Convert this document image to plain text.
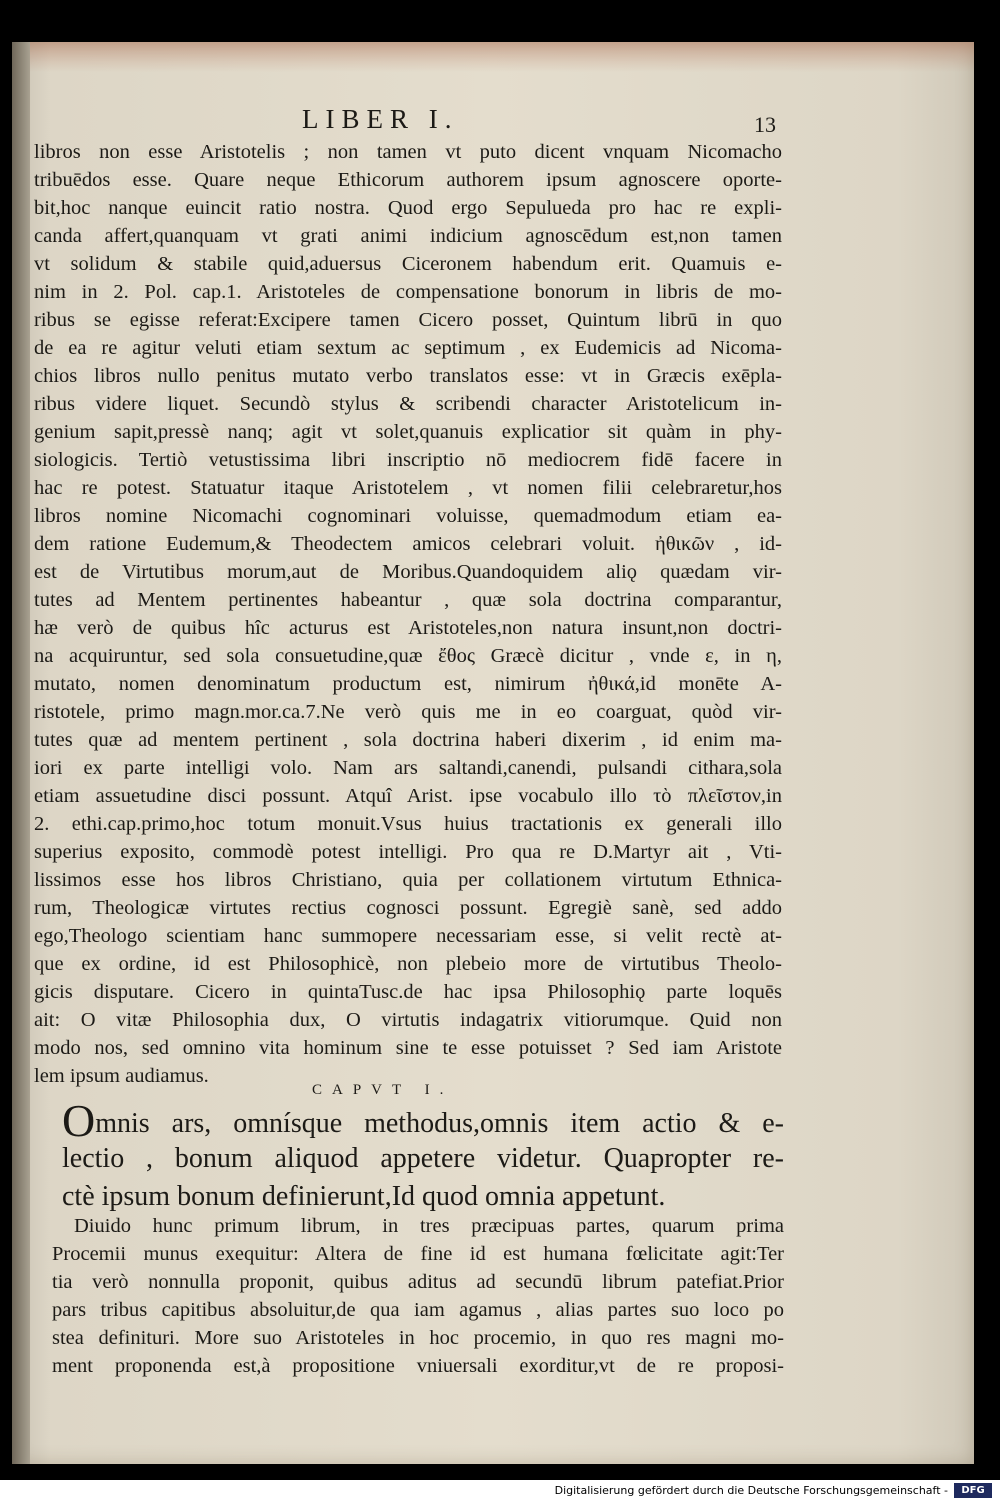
LIBER I.	13
libros non esse Aristotelis ; non tamen vt puto dicent vnquam Nicomacho
tribuēdos esse. Quare neque Ethicorum authorem ipsum agnoscere oporte-
bit,hoc nanque euincit ratio nostra. Quod ergo Sepulueda pro hac re expli-
canda affert,quanquam vt grati animi indicium agnoscēdum est,non tamen
vt solidum & stabile quid,aduersus Ciceronem habendum erit. Quamuis e-
nim in 2. Pol. cap.1. Aristoteles de compensatione bonorum in libris de mo-
ribus se egisse referat:Excipere tamen Cicero posset, Quintum librū in quo
de ea re agitur veluti etiam sextum ac septimum , ex Eudemicis ad Nicoma-
chios libros nullo penitus mutato verbo translatos esse: vt in Græcis exēpla-
ribus videre liquet. Secundò stylus & scribendi character Aristotelicum in-
genium sapit,pressè nanq; agit vt solet,quanuis explicatior sit quàm in phy-
siologicis. Tertiò vetustissima libri inscriptio nō mediocrem fidē facere in
hac re potest. Statuatur itaque Aristotelem , vt nomen filii celebraretur,hos
libros nomine Nicomachi cognominari voluisse, quemadmodum etiam ea-
dem ratione Eudemum,& Theodectem amicos celebrari voluit. ἠθικῶν , id-
est de Virtutibus morum,aut de Moribus.Quandoquidem aliǫ quædam vir-
tutes ad Mentem pertinentes habeantur , quæ sola doctrina comparantur,
hæ verò de quibus hîc acturus est Aristoteles,non natura insunt,non doctri-
na acquiruntur, sed sola consuetudine,quæ ἔθος Græcè dicitur , vnde ε, in η,
mutato, nomen denominatum productum est, nimirum ἠθικά,id monēte A-
ristotele, primo magn.mor.ca.7.Ne verò quis me in eo coarguat, quòd vir-
tutes quæ ad mentem pertinent , sola doctrina haberi dixerim , id enim ma-
iori ex parte intelligi volo. Nam ars saltandi,canendi, pulsandi cithara,sola
etiam assuetudine disci possunt. Atquî Arist. ipse vocabulo illo τὸ πλεῖστον,in
2. ethi.cap.primo,hoc totum monuit.Vsus huius tractationis ex generali illo
superius exposito, commodè potest intelligi. Pro qua re D.Martyr ait , Vti-
lissimos esse hos libros Christiano, quia per collationem virtutum Ethnica-
rum, Theologicæ virtutes rectius cognosci possunt. Egregiè sanè, sed addo
ego,Theologo scientiam hanc summopere necessariam esse, si velit rectè at-
que ex ordine, id est Philosophicè, non plebeio more de virtutibus Theolo-
gicis disputare. Cicero in quintaTusc.de hac ipsa Philosophiǫ parte loquēs
ait: O vitæ Philosophia dux, O virtutis indagatrix vitiorumque. Quid non
modo nos, sed omnino vita hominum sine te esse potuisset ? Sed iam Aristote
lem ipsum audiamus.
CAPVT I.
Omnis ars, omnísque methodus,omnis item actio & e-
lectio , bonum aliquod appetere videtur. Quapropter re-
ctè ipsum bonum definierunt,Id quod omnia appetunt.
Diuido hunc primum librum, in tres præcipuas partes, quarum prima
Procemii munus exequitur: Altera de fine id est humana fœlicitate agit:Ter
tia verò nonnulla proponit, quibus aditus ad secundū librum patefiat.Prior
pars tribus capitibus absoluitur,de qua iam agamus , alias partes suo loco po
stea definituri. More suo Aristoteles in hoc procemio, in quo res magni mo-
ment proponenda est,à propositione vniuersali exorditur,vt de re proposi-
Digitalisierung gefördert durch die Deutsche Forschungsgemeinschaft -	DFG
